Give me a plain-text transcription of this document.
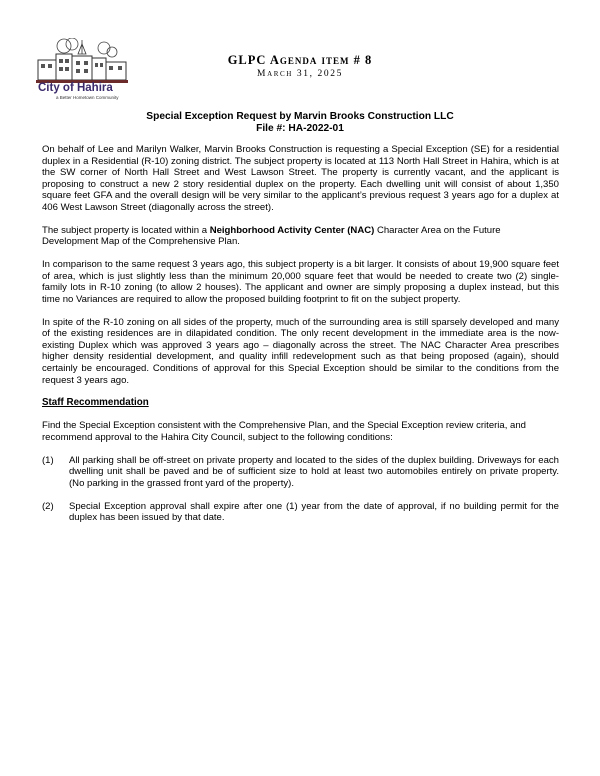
City of Hahira
a Better Hometown Community
GLPC Agenda item # 8
March 31, 2025
Special Exception Request by Marvin Brooks Construction LLC
File #: HA-2022-01

On behalf of Lee and Marilyn Walker, Marvin Brooks Construction is requesting a Special Exception (SE) for a residential duplex in a Residential (R-10) zoning district. The subject property is located at 113 North Hall Street in Hahira, which is at the SW corner of North Hall Street and West Lawson Street. The property is currently vacant, and the applicant is proposing to construct a new 2 story residential duplex on the property. Each dwelling unit will consist of about 1,350 square feet GFA and the overall design will be very similar to the applicant’s previous request 3 years ago for a duplex at 406 West Lawson Street (diagonally across the street).

The subject property is located within a Neighborhood Activity Center (NAC) Character Area on the Future Development Map of the Comprehensive Plan.

In comparison to the same request 3 years ago, this subject property is a bit larger. It consists of about 19,900 square feet of area, which is just slightly less than the minimum 20,000 square feet that would be needed to create two (2) single-family lots in R-10 zoning (to allow 2 houses). The applicant and owner are simply proposing a duplex instead, but this time no Variances are required to allow the proposed building footprint to fit on the subject property.

In spite of the R-10 zoning on all sides of the property, much of the surrounding area is still sparsely developed and many of the existing residences are in dilapidated condition. The only recent development in the immediate area is the now-existing Duplex which was approved 3 years ago – diagonally across the street. The NAC Character Area prescribes higher density residential development, and quality infill redevelopment such as that being proposed (again), should certainly be encouraged. Conditions of approval for this Special Exception should be similar to the conditions from the request 3 years ago.

Staff Recommendation

Find the Special Exception consistent with the Comprehensive Plan, and the Special Exception review criteria, and recommend approval to the Hahira City Council, subject to the following conditions:

(1)	All parking shall be off-street on private property and located to the sides of the duplex building. Driveways for each dwelling unit shall be paved and be of sufficient size to hold at least two automobiles entirely on private property. (No parking in the grassed front yard of the property).
(2)	Special Exception approval shall expire after one (1) year from the date of approval, if no building permit for the duplex has been issued by that date.
